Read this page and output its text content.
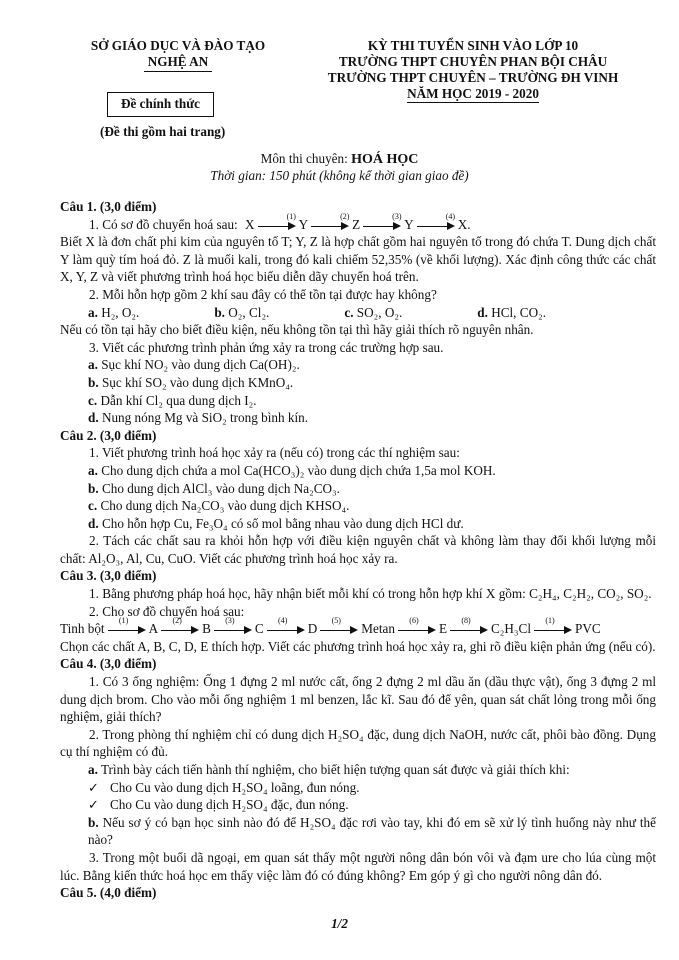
SỞ GIÁO DỤC VÀ ĐÀO TẠO
NGHỆ AN
Đề chính thức
(Đề thi gồm hai trang)
KỲ THI TUYỂN SINH VÀO LỚP 10
TRƯỜNG THPT CHUYÊN PHAN BỘI CHÂU
TRƯỜNG THPT CHUYÊN – TRƯỜNG ĐH VINH
NĂM HỌC 2019 - 2020
Môn thi chuyên: HOÁ HỌC
Thời gian: 150 phút (không kể thời gian giao đề)

Câu 1. (3,0 điểm)

1. Có sơ đồ chuyển hoá sau: X
(1)
Y
(2)
Z
(3)
Y
(4)
X.

Biết X là đơn chất phi kim của nguyên tố T; Y, Z là hợp chất gồm hai nguyên tố trong đó chứa T. Dung dịch chất Y làm quỳ tím hoá đỏ. Z là muối kali, trong đó kali chiếm 52,35% (về khối lượng). Xác định công thức các chất X, Y, Z và viết phương trình hoá học biểu diễn dãy chuyển hoá trên.

2. Mỗi hỗn hợp gồm 2 khí sau đây có thể tồn tại được hay không?

a. H₂, O₂.	b. O₂, Cl₂.	c. SO₂, O₂.	d. HCl, CO₂.

Nếu có tồn tại hãy cho biết điều kiện, nếu không tồn tại thì hãy giải thích rõ nguyên nhân.

3. Viết các phương trình phản ứng xảy ra trong các trường hợp sau.

a. Sục khí NO₂ vào dung dịch Ca(OH)₂.

b. Sục khí SO₂ vào dung dịch KMnO₄.

c. Dẫn khí Cl₂ qua dung dịch I₂.

d. Nung nóng Mg và SiO₂ trong bình kín.

Câu 2. (3,0 điểm)

1. Viết phương trình hoá học xảy ra (nếu có) trong các thí nghiệm sau:

a. Cho dung dịch chứa a mol Ca(HCO₃)₂ vào dung dịch chứa 1,5a mol KOH.

b. Cho dung dịch AlCl₃ vào dung dịch Na₂CO₃.

c. Cho dung dịch Na₂CO₃ vào dung dịch KHSO₄.

d. Cho hỗn hợp Cu, Fe₃O₄ có số mol bằng nhau vào dung dịch HCl dư.

2. Tách các chất sau ra khỏi hỗn hợp với điều kiện nguyên chất và không làm thay đổi khối lượng mỗi chất: Al₂O₃, Al, Cu, CuO. Viết các phương trình hoá học xảy ra.

Câu 3. (3,0 điểm)

1. Bằng phương pháp hoá học, hãy nhận biết mỗi khí có trong hỗn hợp khí X gồm: C₂H₄, C₂H₂, CO₂, SO₂.

2. Cho sơ đồ chuyển hoá sau:

Tinh bột
(1)
A
(2)
B
(3)
C
(4)
D
(5)
Metan
(6)
E
(8)
C₂H₃Cl
(1)
PVC

Chọn các chất A, B, C, D, E thích hợp. Viết các phương trình hoá học xảy ra, ghi rõ điều kiện phản ứng (nếu có).

Câu 4. (3,0 điểm)

1. Có 3 ống nghiệm: Ống 1 đựng 2 ml nước cất, ống 2 đựng 2 ml dầu ăn (dầu thực vật), ống 3 đựng 2 ml dung dịch brom. Cho vào mỗi ống nghiệm 1 ml benzen, lắc kĩ. Sau đó để yên, quan sát chất lỏng trong mỗi ống nghiệm, giải thích?

2. Trong phòng thí nghiệm chỉ có dung dịch H₂SO₄ đặc, dung dịch NaOH, nước cất, phôi bào đồng. Dụng cụ thí nghiệm có đủ.

a. Trình bày cách tiến hành thí nghiệm, cho biết hiện tượng quan sát được và giải thích khi:

✓ Cho Cu vào dung dịch H₂SO₄ loãng, đun nóng.

✓ Cho Cu vào dung dịch H₂SO₄ đặc, đun nóng.

b. Nếu sơ ý có bạn học sinh nào đó để H₂SO₄ đặc rơi vào tay, khi đó em sẽ xử lý tình huống này như thế nào?

3. Trong một buổi dã ngoại, em quan sát thấy một người nông dân bón vôi và đạm ure cho lúa cùng một lúc. Bằng kiến thức hoá học em thấy việc làm đó có đúng không? Em góp ý gì cho người nông dân đó.

Câu 5. (4,0 điểm)

1/2
